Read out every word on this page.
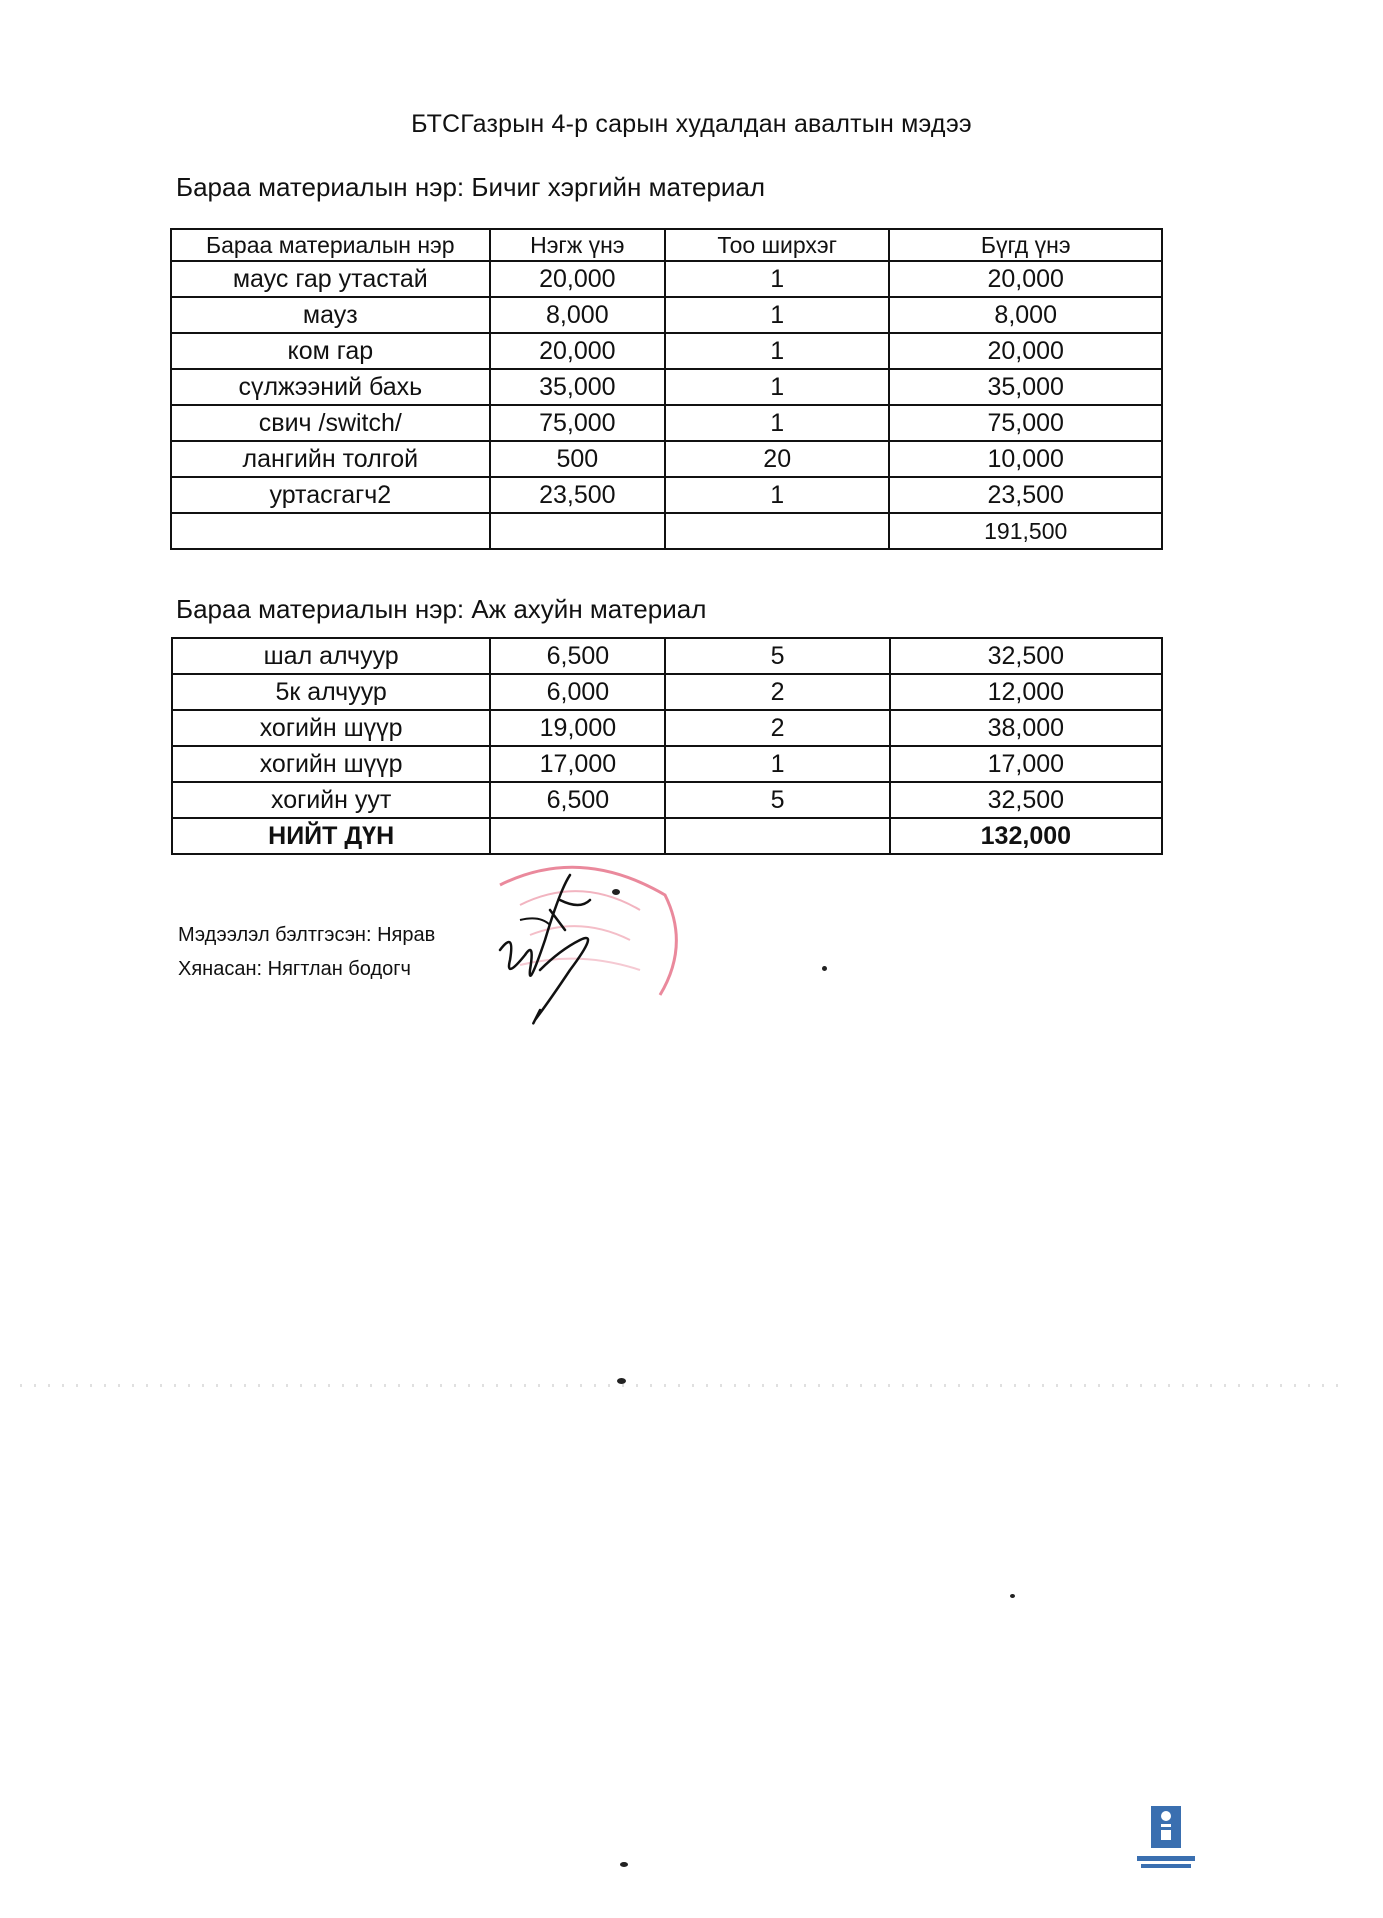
БТСГазрын 4-р сарын худалдан авалтын мэдээ
Бараа материалын нэр: Бичиг хэргийн материал
Бараа материалын нэр	Нэгж үнэ	Тоо ширхэг	Бүгд үнэ
маус гар утастай	20,000	1	20,000
мауз	8,000	1	8,000
ком гар	20,000	1	20,000
сүлжээний бахь	35,000	1	35,000
свич /switch/	75,000	1	75,000
лангийн толгой	500	20	10,000
уртасгагч2	23,500	1	23,500
			191,500
Бараа материалын нэр: Аж ахуйн материал
шал алчуур	6,500	5	32,500
5к алчуур	6,000	2	12,000
хогийн шүүр	19,000	2	38,000
хогийн шүүр	17,000	1	17,000
хогийн уут	6,500	5	32,500
НИЙТ ДҮН			132,000
Мэдээлэл бэлтгэсэн: Нярав
Хянасан: Нягтлан бодогч
